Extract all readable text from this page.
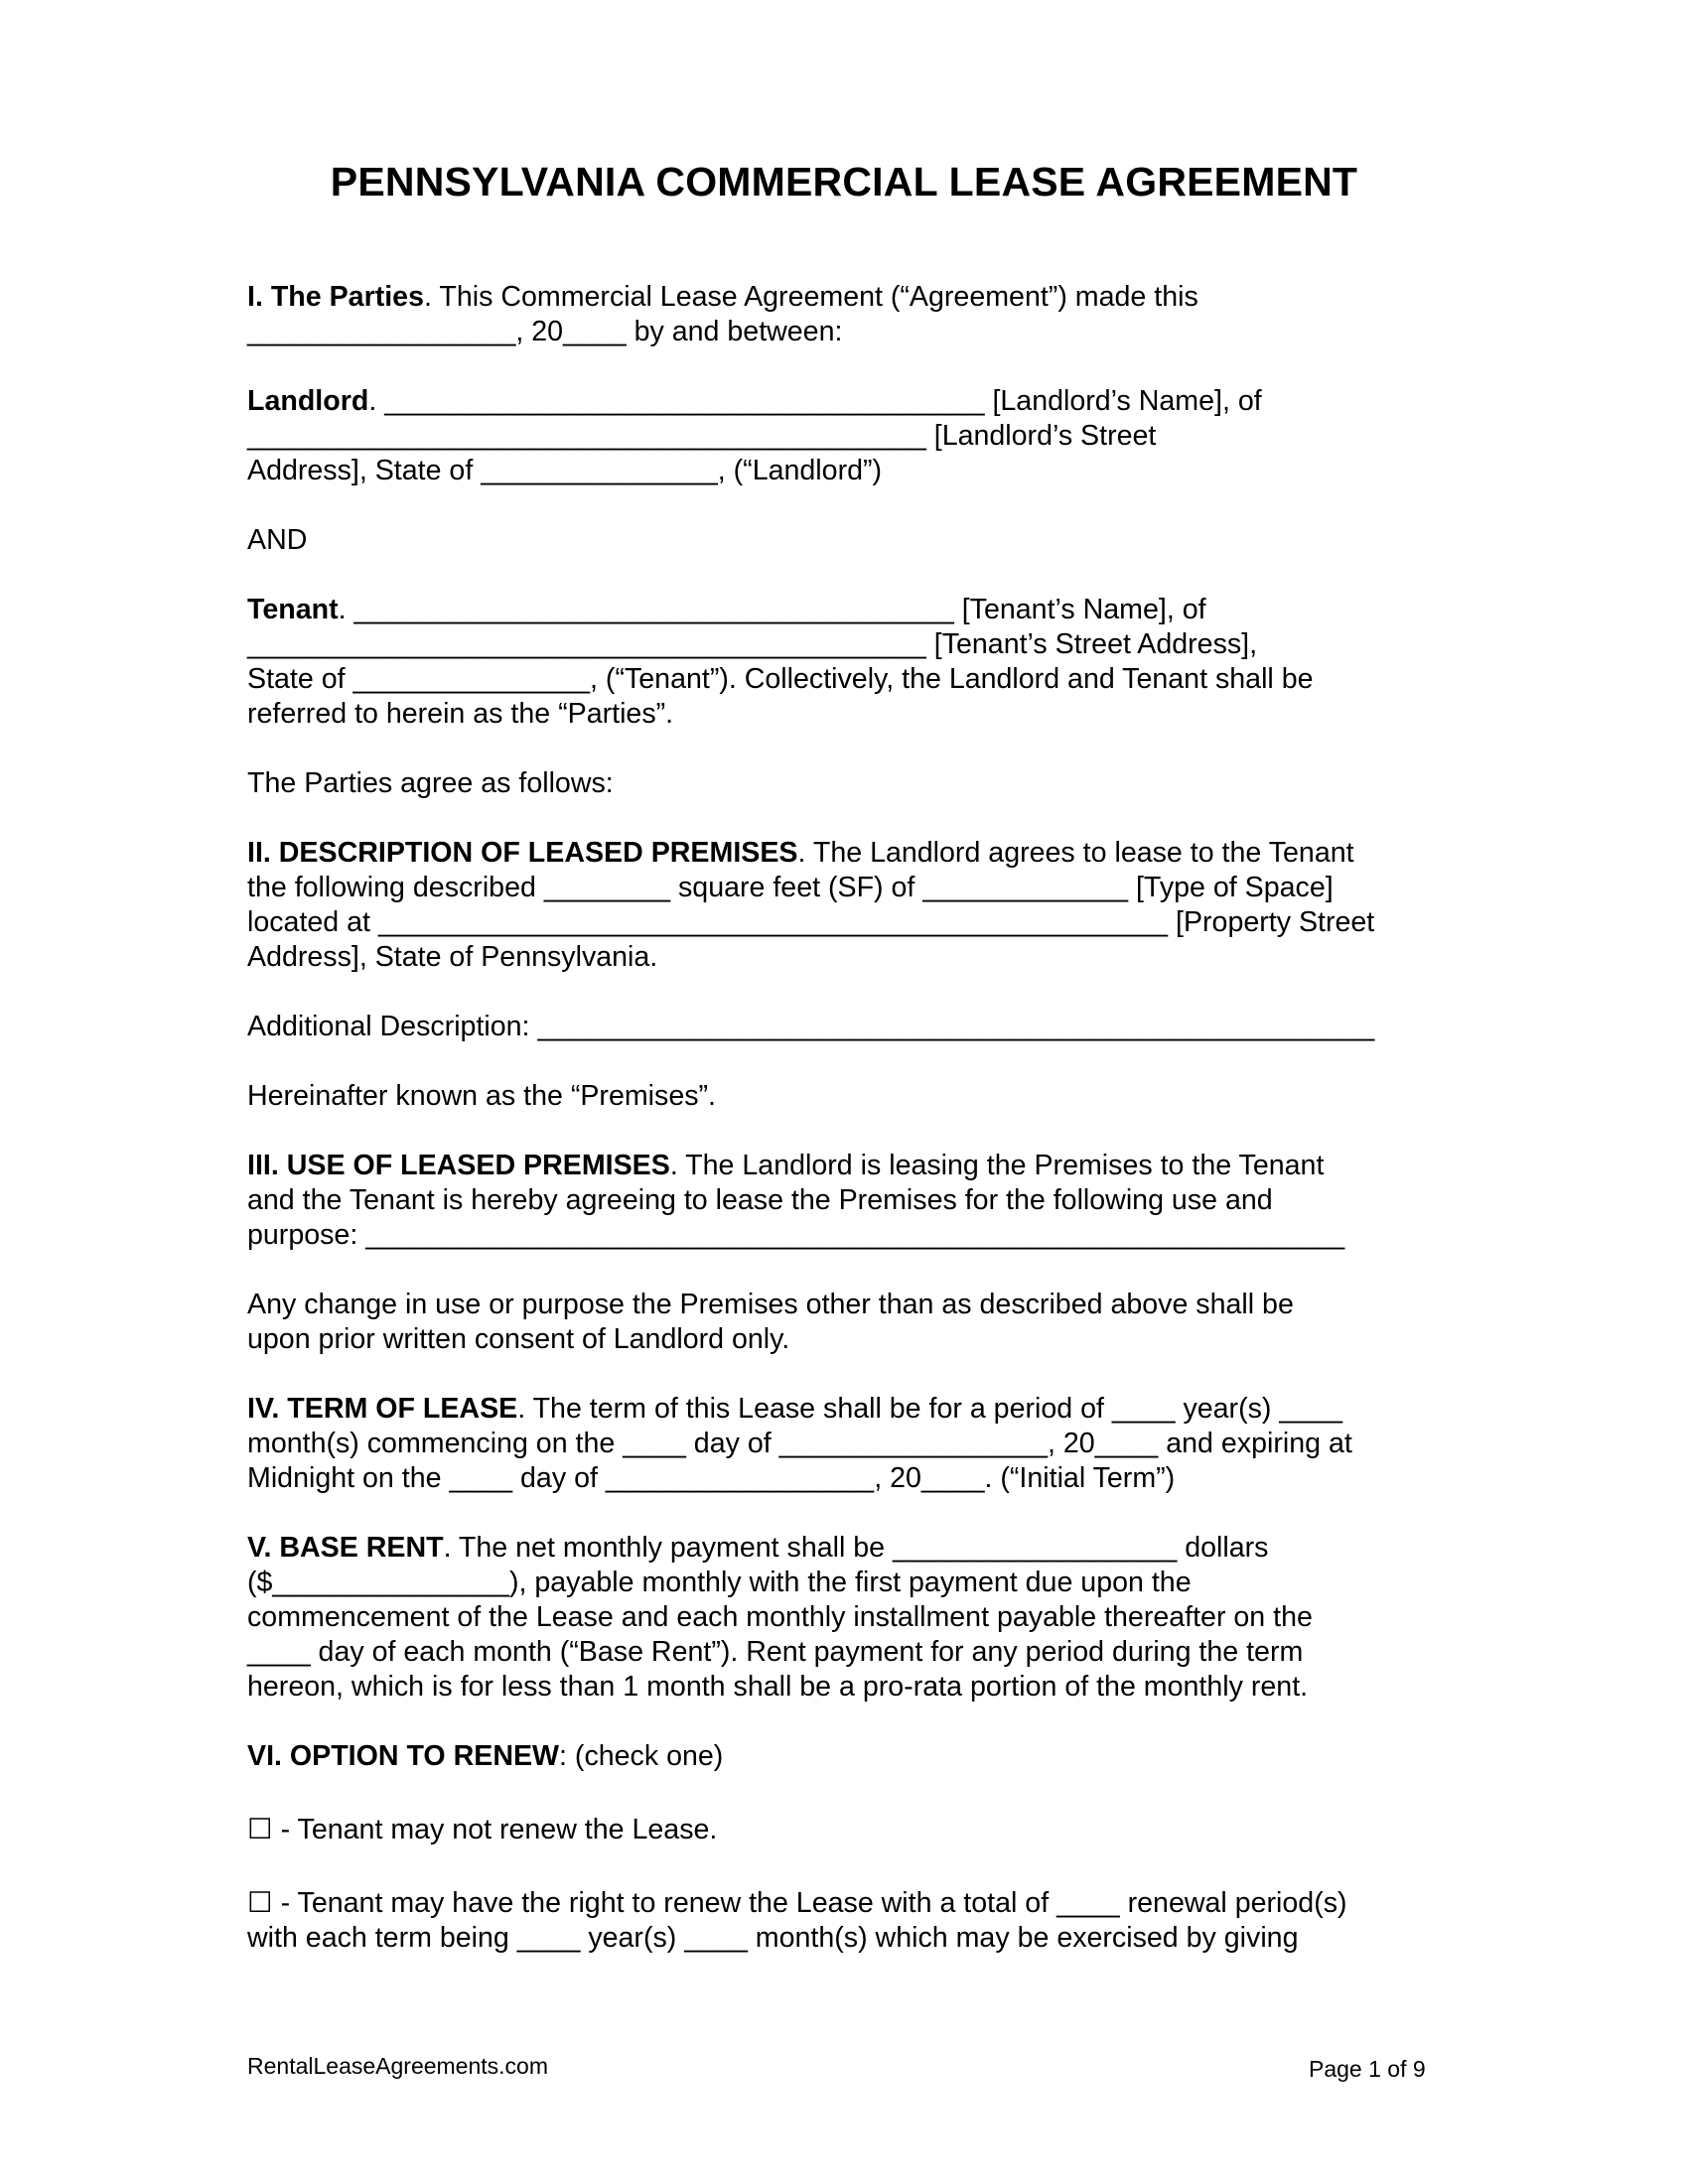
PENNSYLVANIA COMMERCIAL LEASE AGREEMENT

I. The Parties. This Commercial Lease Agreement (“Agreement”) made this

_________________, 20____ by and between:

Landlord. ______________________________________ [Landlord’s Name], of

___________________________________________ [Landlord’s Street

Address], State of _______________, (“Landlord”)

AND

Tenant. ______________________________________ [Tenant’s Name], of

___________________________________________ [Tenant’s Street Address],

State of _______________, (“Tenant”). Collectively, the Landlord and Tenant shall be

referred to herein as the “Parties”.

The Parties agree as follows:

II. DESCRIPTION OF LEASED PREMISES. The Landlord agrees to lease to the Tenant

the following described ________ square feet (SF) of _____________ [Type of Space]

located at __________________________________________________ [Property Street

Address], State of Pennsylvania.

Additional Description: _____________________________________________________

Hereinafter known as the “Premises”.

III. USE OF LEASED PREMISES. The Landlord is leasing the Premises to the Tenant

and the Tenant is hereby agreeing to lease the Premises for the following use and

purpose: ______________________________________________________________

Any change in use or purpose the Premises other than as described above shall be

upon prior written consent of Landlord only.

IV. TERM OF LEASE. The term of this Lease shall be for a period of ____ year(s) ____

month(s) commencing on the ____ day of _________________, 20____ and expiring at

Midnight on the ____ day of _________________, 20____. (“Initial Term”)

V. BASE RENT. The net monthly payment shall be __________________ dollars

($_______________), payable monthly with the first payment due upon the

commencement of the Lease and each monthly installment payable thereafter on the

____ day of each month (“Base Rent”). Rent payment for any period during the term

hereon, which is for less than 1 month shall be a pro-rata portion of the monthly rent.

VI. OPTION TO RENEW: (check one)

☐ - Tenant may not renew the Lease.

☐ - Tenant may have the right to renew the Lease with a total of ____ renewal period(s)

with each term being ____ year(s) ____ month(s) which may be exercised by giving

RentalLeaseAgreements.com	Page 1 of 9
